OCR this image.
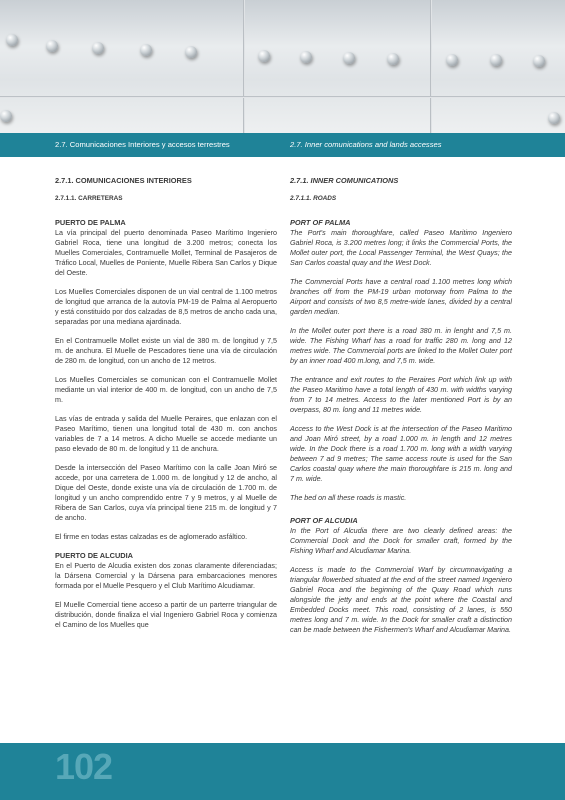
2.7. Comunicaciones Interiores y accesos terrestres	2.7. Inner comunications and lands accesses
2.7.1. COMUNICACIONES INTERIORES
2.7.1.1. CARRETERAS
PUERTO DE PALMA

La vía principal del puerto denominada Paseo Marítimo Ingeniero Gabriel Roca, tiene una longitud de 3.200 metros; conecta los Muelles Comerciales, Contramuelle Mollet, Terminal de Pasajeros de Tráfico Local, Muelles de Poniente, Muelle Ribera San Carlos y Dique del Oeste.

Los Muelles Comerciales disponen de un vial central de 1.100 metros de longitud que arranca de la autovía PM-19 de Palma al Aeropuerto y está constituido por dos calzadas de 8,5 metros de ancho cada una, separadas por una mediana ajardinada.

En el Contramuelle Mollet existe un vial de 380 m. de longitud y 7,5 m. de anchura. El Muelle de Pescadores tiene una vía de circulación de 280 m. de longitud, con un ancho de 12 metros.

Los Muelles Comerciales se comunican con el Contramuelle Mollet mediante un vial interior de 400 m. de longitud, con un ancho de 7,5 m.

Las vías de entrada y salida del Muelle Peraires, que enlazan con el Paseo Marítimo, tienen una longitud total de 430 m. con anchos variables de 7 a 14 metros. A dicho Muelle se accede mediante un paso elevado de 80 m. de longitud y 11 de anchura.

Desde la intersección del Paseo Marítimo con la calle Joan Miró se accede, por una carretera de 1.000 m. de longitud y 12 de ancho, al Dique del Oeste, donde existe una vía de circulación de 1.700 m. de longitud y un ancho comprendido entre 7 y 9 metros, y al Muelle de Ribera de San Carlos, cuya vía principal tiene 215 m. de longitud y 7 de ancho.

El firme en todas estas calzadas es de aglomerado asfáltico.

PUERTO DE ALCUDIA

En el Puerto de Alcudia existen dos zonas claramente diferenciadas; la Dársena Comercial y la Dársena para embarcaciones menores formada por el Muelle Pesquero y el Club Marítimo Alcudiamar.

El Muelle Comercial tiene acceso a partir de un parterre triangular de distribución, donde finaliza el vial Ingeniero Gabriel Roca y comienza el Camino de los Muelles que

2.7.1. INNER COMUNICATIONS
2.7.1.1. ROADS
PORT OF PALMA

The Port's main thoroughfare, called Paseo Maritimo Ingeniero Gabriel Roca, is 3.200 metres long; it links the Commercial Ports, the Mollet outer port, the Local Passenger Terminal, the West Quays; the San Carlos coastal quay and the West Dock.

The Commercial Ports have a central road 1.100 metres long which branches off from the PM-19 urban motorway from Palma to the Airport and consists of two 8,5 metre-wide lanes, divided by a central garden median.

In the Mollet outer port there is a road 380 m. in lenght and 7,5 m. wide. The Fishing Wharf has a road for traffic 280 m. long and 12 metres wide. The Commercial ports are linked to the Mollet Outer port by an inner road 400 m.long, and 7,5 m. wide.

The entrance and exit routes to the Peraires Port which link up with the Paseo Maritimo have a total length of 430 m. with widths varying from 7 to 14 metres. Access to the later mentioned Port is by an overpass, 80 m. long and 11 metres wide.

Access to the West Dock is at the intersection of the Paseo Maritimo and Joan Miró street, by a road 1.000 m. in length and 12 metres wide. In the Dock there is a road 1.700 m. long with a width varying between 7 ad 9 metres; The same access route is used for the San Carlos coastal quay where the main thoroughfare is 215 m. long and 7 m. wide.

The bed on all these roads is mastic.

PORT OF ALCUDIA

In the Port of Alcudia there are two clearly defined areas: the Commercial Dock and the Dock for smaller craft, formed by the Fishing Wharf and Alcudiamar Marina.

Access is made to the Commercial Warf by circumnavigating a triangular flowerbed situated at the end of the street named Ingeniero Gabriel Roca and the beginning of the Quay Road which runs alongside the jetty and ends at the point where the Coastal and Embedded Docks meet. This road, consisting of 2 lanes, is 550 metres long and 7 m. wide. In the Dock for smaller craft a distinction can be made between the Fishermen's Wharf and Alcudiamar Marina.

102
